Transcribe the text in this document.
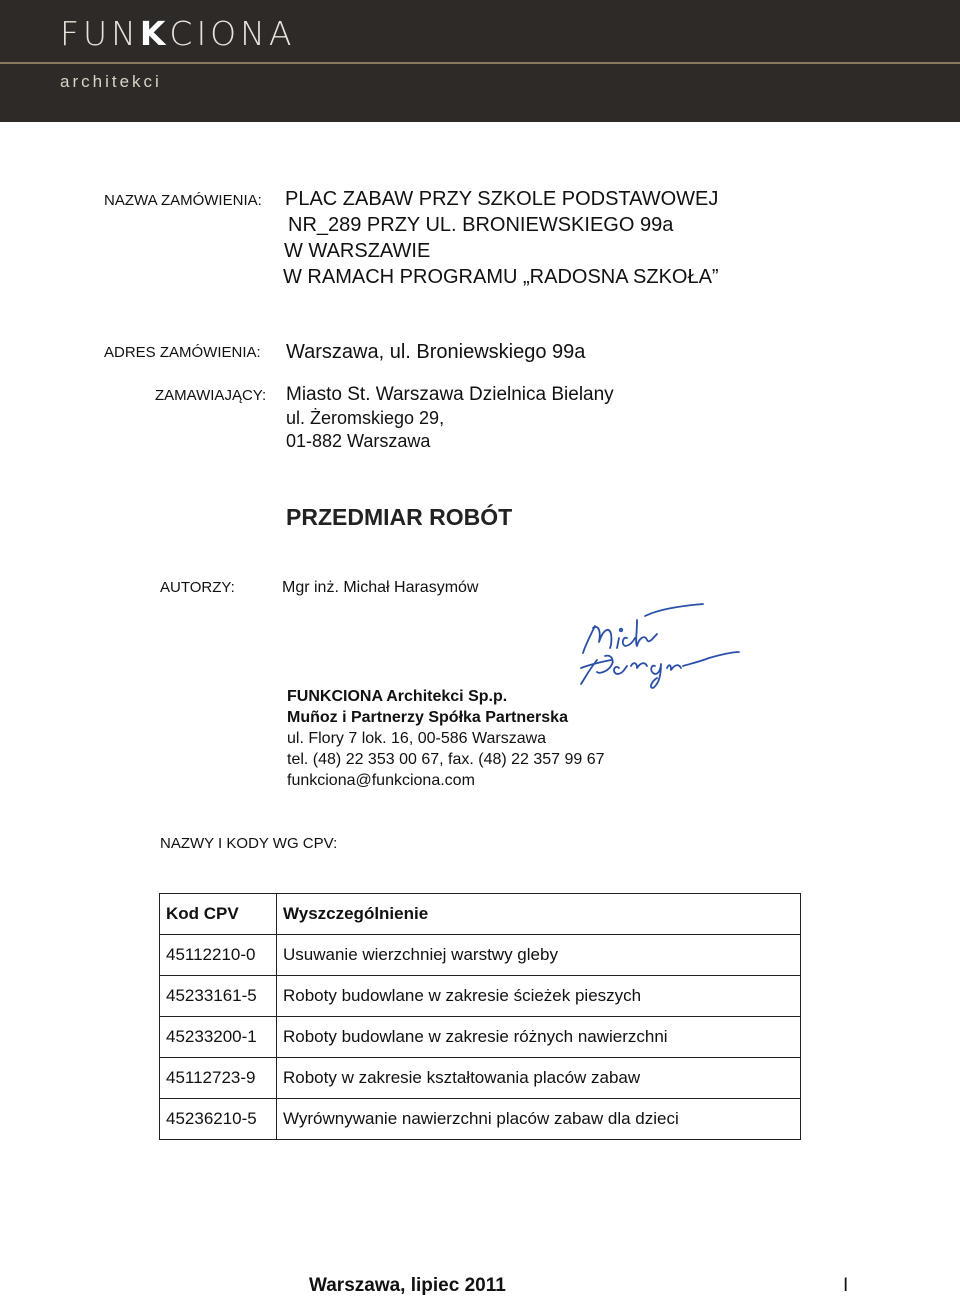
FUNKCIONA
architekci
NAZWA ZAMÓWIENIA: PLAC ZABAW PRZY SZKOLE PODSTAWOWEJ
NR_289 PRZY UL. BRONIEWSKIEGO 99a
W WARSZAWIE
W RAMACH PROGRAMU „RADOSNA SZKOŁA”
ADRES ZAMÓWIENIA: Warszawa, ul. Broniewskiego 99a
ZAMAWIAJĄCY: Miasto St. Warszawa Dzielnica Bielany
ul. Żeromskiego 29,
01-882 Warszawa
PRZEDMIAR ROBÓT
AUTORZY:	Mgr inż. Michał Harasymów
FUNKCIONA Architekci Sp.p.
Muñoz i Partnerzy Spółka Partnerska
ul. Flory 7 lok. 16, 00-586 Warszawa
tel. (48) 22 353 00 67, fax. (48) 22 357 99 67
funkciona@funkciona.com
NAZWY I KODY WG CPV:
Kod CPV	Wyszczególnienie
45112210-0	Usuwanie wierzchniej warstwy gleby
45233161-5	Roboty budowlane w zakresie ścieżek pieszych
45233200-1	Roboty budowlane w zakresie różnych nawierzchni
45112723-9	Roboty w zakresie kształtowania placów zabaw
45236210-5	Wyrównywanie nawierzchni placów zabaw dla dzieci
Warszawa, lipiec 2011	I
